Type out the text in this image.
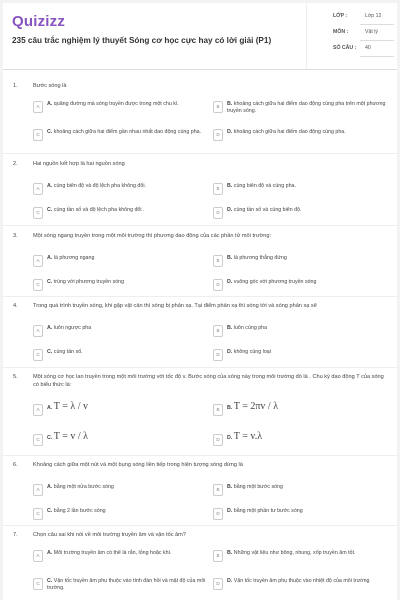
Quizizz
235 câu trắc nghiệm lý thuyết Sóng cơ học cực hay có lời giải (P1)
LỚP :	Lớp 12
MÔN :	Vật lý
SỐ CÂU : 40
1.	Bước sóng là
A	A. quãng đường mà sóng truyền được trong một chu kì.	B	B. khoảng cách giữa hai điểm dao động cùng pha trên một phương truyền sóng.
C	C. khoảng cách giữa hai điểm gần nhau nhất dao động cùng pha.	D	D. khoảng cách giữa hai điểm dao động cùng pha.
2.	Hai nguồn kết hợp là hai nguồn sóng
A	A. cùng biên độ và độ lệch pha không đổi.	B	B. cùng biên độ và cùng pha.
C	C. cùng tần số và độ lệch pha không đổi .	D	D. cùng tần số và cùng biên độ.
3.	Một sóng ngang truyền trong một môi trường thì phương dao động của các phần tử môi trường:
A	A. là phương ngang	B	B. là phương thẳng đứng
C	C. trùng với phương truyền sóng	D	D. vuông góc với phương truyền sóng
4.	Trong quá trình truyền sóng, khi gặp vật cản thì sóng bị phản xạ. Tại điểm phản xạ thì sóng tới và sóng phản xạ sẽ
A	A. luôn ngược pha	B	B. luôn cùng pha
C	C. cùng tần số.	D	D. không cùng loại
5.	Một sóng cơ học lan truyền trong một môi trường với tốc độ v. Bước sóng của sóng này trong môi trường đó là . Chu kỳ dao động T của sóng có biểu thức là:
A	A. T = λ / v	B	B. T = 2πv / λ
C	C. T = v / λ	D	D. T = v.λ
6.	Khoảng cách giữa một nút và một bụng sóng liền tiếp trong hiện tượng sóng dừng là
A	A. bằng một nửa bước sóng	B	B. bằng một bước sóng
C	C. bằng 2 lần bước sóng	D	D. bằng một phần tư bước sóng
7.	Chọn câu sai khi nói về môi trường truyền âm và vận tốc âm?
A	A. Môi trường truyền âm có thể là rắn, lỏng hoặc khí.	B	B. Những vật liệu như bông, nhung, xốp truyền âm tốt.
C	C. Vận tốc truyền âm phụ thuộc vào tính đàn hồi và mật độ của môi trường.
D	D. Vận tốc truyền âm phụ thuộc vào nhiệt độ của môi trường
